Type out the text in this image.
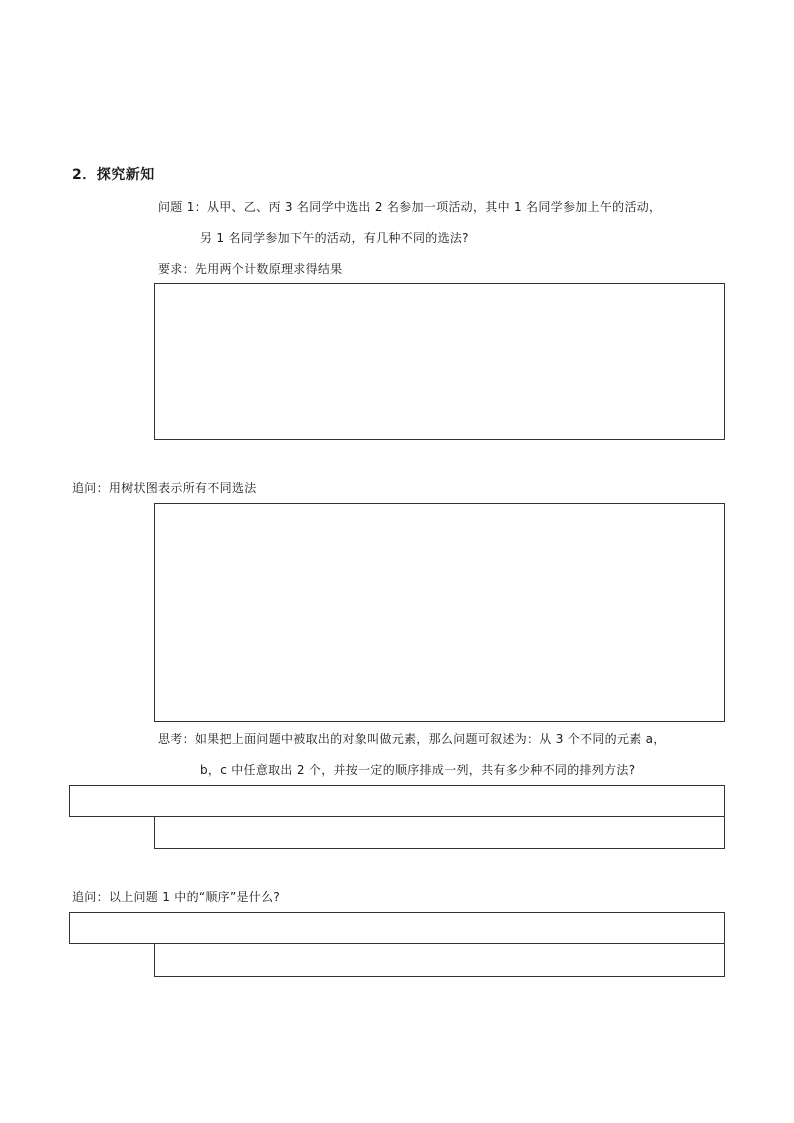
2．探究新知
问题 1：从甲、乙、丙 3 名同学中选出 2 名参加一项活动，其中 1 名同学参加上午的活动，
另 1 名同学参加下午的活动，有几种不同的选法?
要求：先用两个计数原理求得结果
追问：用树状图表示所有不同选法
思考：如果把上面问题中被取出的对象叫做元素，那么问题可叙述为：从 3 个不同的元素 a，
b，c 中任意取出 2 个，并按一定的顺序排成一列，共有多少种不同的排列方法?
追问：以上问题 1 中的“顺序”是什么?
